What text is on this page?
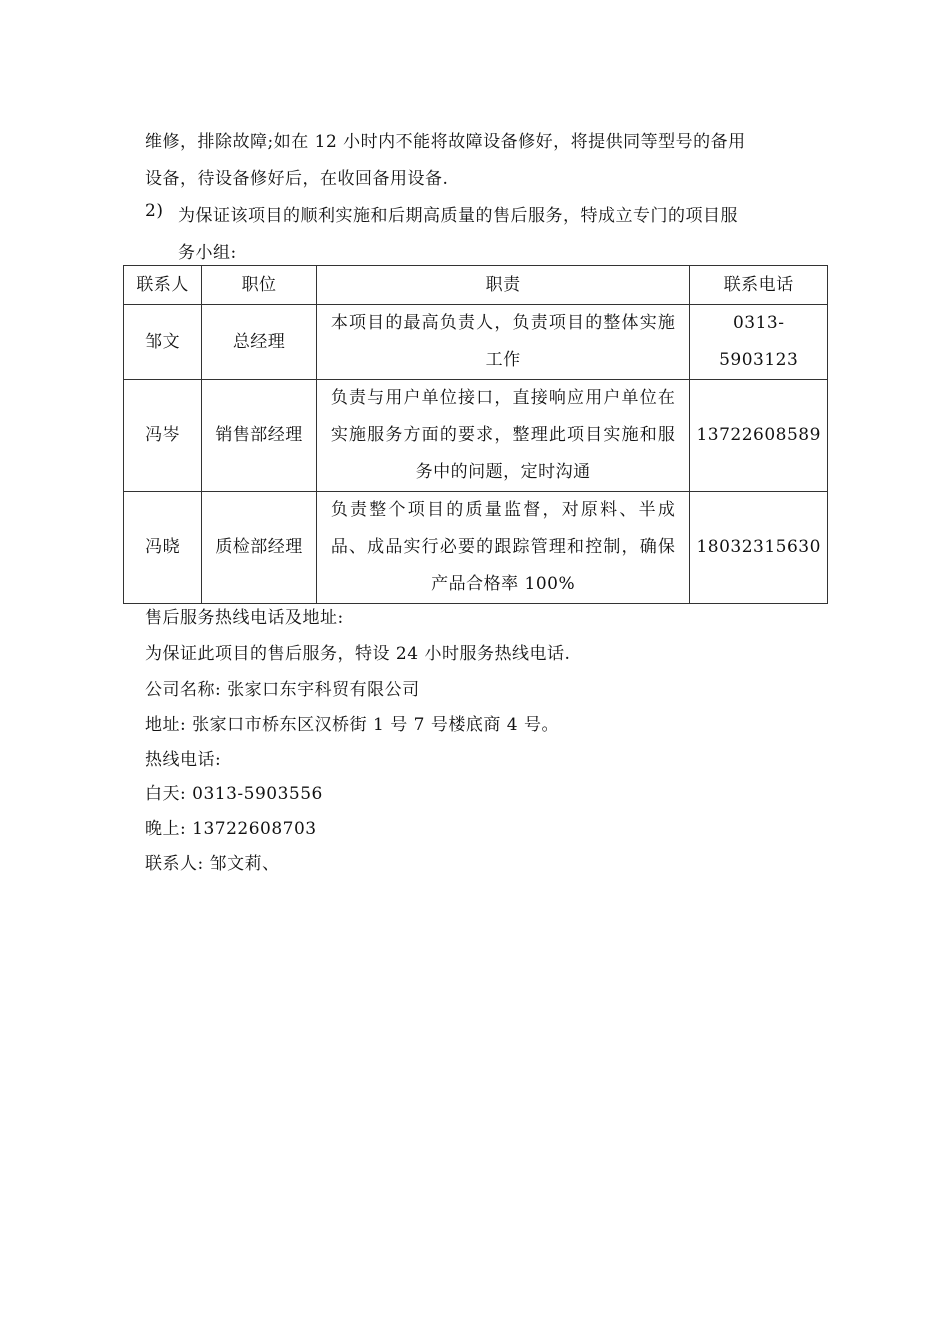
维修，排除故障;如在 12 小时内不能将故障设备修好，将提供同等型号的备用
设备，待设备修好后，在收回备用设备.
2) 为保证该项目的顺利实施和后期高质量的售后服务，特成立专门的项目服
务小组:
联系人	职位	职责	联系电话
邹文	总经理	本项目的最高负责人，负责项目的整体实施工作	0313-5903123
冯岑	销售部经理	负责与用户单位接口，直接响应用户单位在实施服务方面的要求，整理此项目实施和服务中的问题，定时沟通	13722608589
冯晓	质检部经理	负责整个项目的质量监督，对原料、半成品、成品实行必要的跟踪管理和控制，确保产品合格率 100%	18032315630
售后服务热线电话及地址:
为保证此项目的售后服务，特设 24 小时服务热线电话.
公司名称: 张家口东宇科贸有限公司
地址: 张家口市桥东区汉桥街 1 号 7 号楼底商 4 号。
热线电话:
白天: 0313-5903556
晚上: 13722608703
联系人: 邹文莉、
